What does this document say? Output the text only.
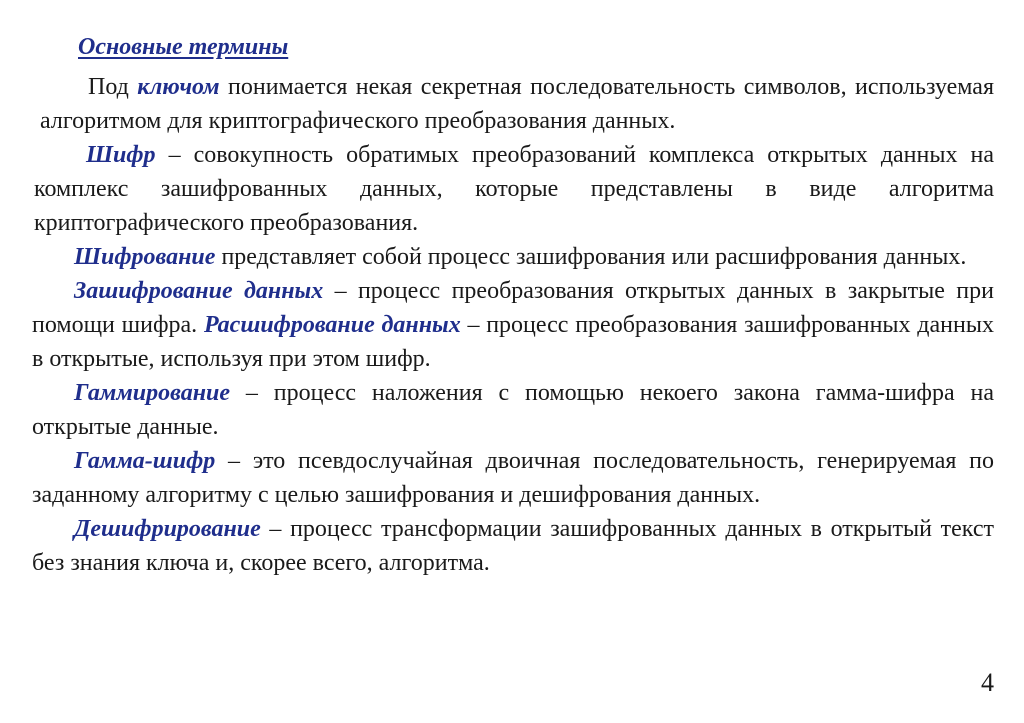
Основные термины

Под ключом понимается некая секретная последовательность символов, используемая алгоритмом для криптографического преобразования данных.

Шифр – совокупность обратимых преобразований комплекса открытых данных на комплекс зашифрованных данных, которые представлены в виде алгоритма криптографического преобразования.

Шифрование представляет собой процесс зашифрования или расшифрования данных.

Зашифрование данных – процесс преобразования открытых данных в закрытые при помощи шифра. Расшифрование данных – процесс преобразования зашифрованных данных в открытые, используя при этом шифр.

Гаммирование – процесс наложения с помощью некоего закона гамма-шифра на открытые данные.

Гамма-шифр – это псевдослучайная двоичная последовательность, генерируемая по заданному алгоритму с целью зашифрования и дешифрования данных.

Дешифрирование – процесс трансформации зашифрованных данных в открытый текст без знания ключа и, скорее всего, алгоритма.

4
